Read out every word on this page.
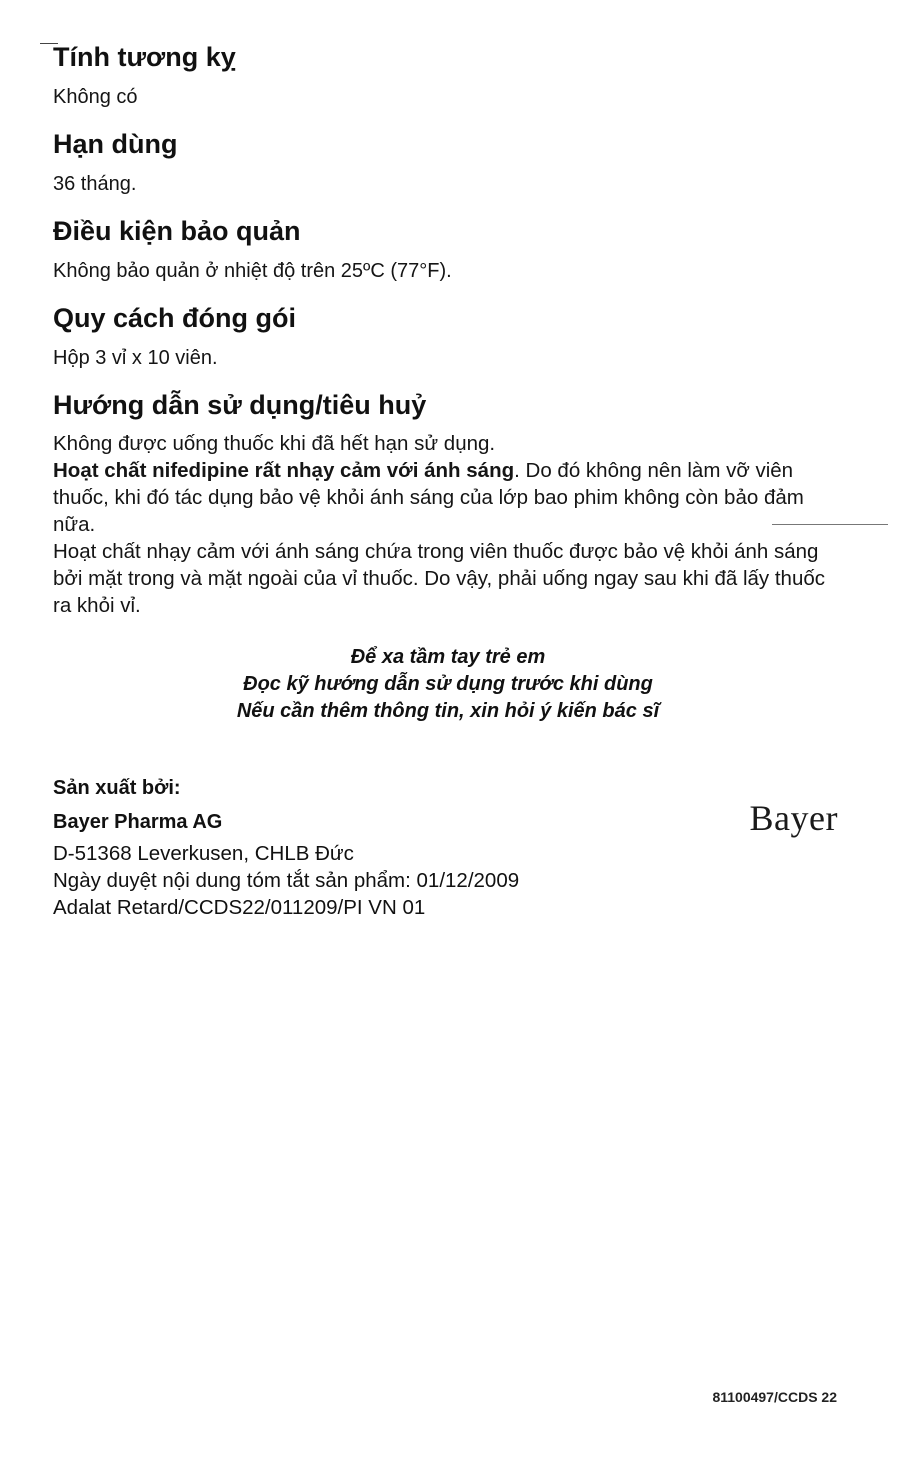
Tính tương kỵ

Không có

Hạn dùng

36 tháng.

Điều kiện bảo quản

Không bảo quản ở nhiệt độ trên 25ºC (77°F).

Quy cách đóng gói

Hộp 3 vỉ x 10 viên.

Hướng dẫn sử dụng/tiêu huỷ

Không được uống thuốc khi đã hết hạn sử dụng.

Hoạt chất nifedipine rất nhạy cảm với ánh sáng. Do đó không nên làm vỡ viên thuốc, khi đó tác dụng bảo vệ khỏi ánh sáng của lớp bao phim không còn bảo đảm nữa.

Hoạt chất nhạy cảm với ánh sáng chứa trong viên thuốc được bảo vệ khỏi ánh sáng bởi mặt trong và mặt ngoài của vỉ thuốc. Do vậy, phải uống ngay sau khi đã lấy thuốc ra khỏi vỉ.

Để xa tầm tay trẻ em
Đọc kỹ hướng dẫn sử dụng trước khi dùng
Nếu cần thêm thông tin, xin hỏi ý kiến bác sĩ

Sản xuất bởi:

Bayer Pharma AG

D-51368 Leverkusen, CHLB Đức

Ngày duyệt nội dung tóm tắt sản phẩm: 01/12/2009

Adalat Retard/CCDS22/011209/PI VN 01

Bayer
81100497/CCDS 22
